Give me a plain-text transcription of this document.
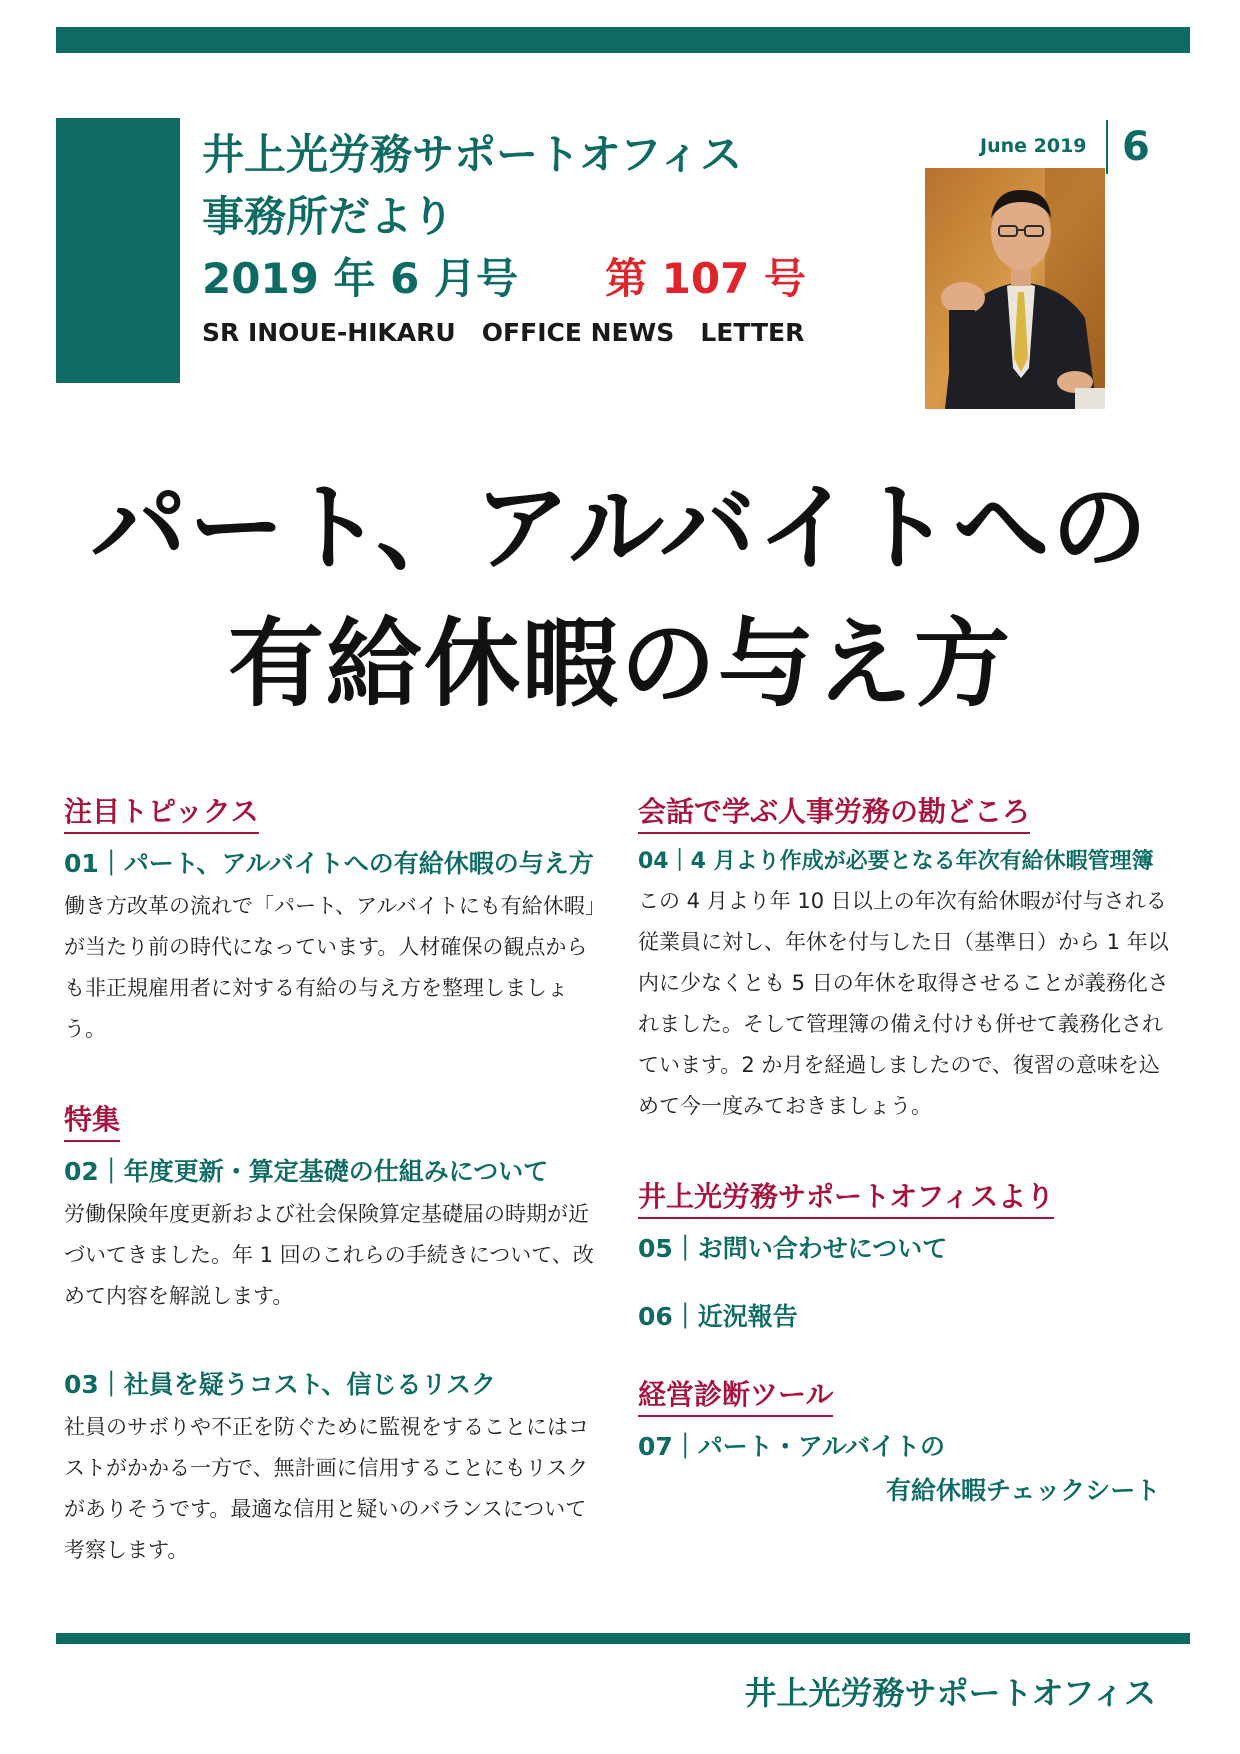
井上光労務サポートオフィス
事務所だより
2019 年 6 月号 第 107 号
SR INOUE-HIKARU   OFFICE NEWS   LETTER
June 2019 6
パート、アルバイトへの
有給休暇の与え方
注目トピックス

01｜パート、アルバイトへの有給休暇の与え方

働き方改革の流れで「パート、アルバイトにも有給休暇」が当たり前の時代になっています。人材確保の観点からも非正規雇用者に対する有給の与え方を整理しましょう。

特集

02｜年度更新・算定基礎の仕組みについて

労働保険年度更新および社会保険算定基礎届の時期が近づいてきました。年 1 回のこれらの手続きについて、改めて内容を解説します。

03｜社員を疑うコスト、信じるリスク

社員のサボりや不正を防ぐために監視をすることにはコストがかかる一方で、無計画に信用することにもリスクがありそうです。最適な信用と疑いのバランスについて考察します。

会話で学ぶ人事労務の勘どころ

04｜4 月より作成が必要となる年次有給休暇管理簿

この 4 月より年 10 日以上の年次有給休暇が付与される従業員に対し、年休を付与した日（基準日）から 1 年以内に少なくとも 5 日の年休を取得させることが義務化されました。そして管理簿の備え付けも併せて義務化されています。2 か月を経過しましたので、復習の意味を込めて今一度みておきましょう。

井上光労務サポートオフィスより

05｜お問い合わせについて

06｜近況報告

経営診断ツール

07｜パート・アルバイトの

有給休暇チェックシート

井上光労務サポートオフィス
